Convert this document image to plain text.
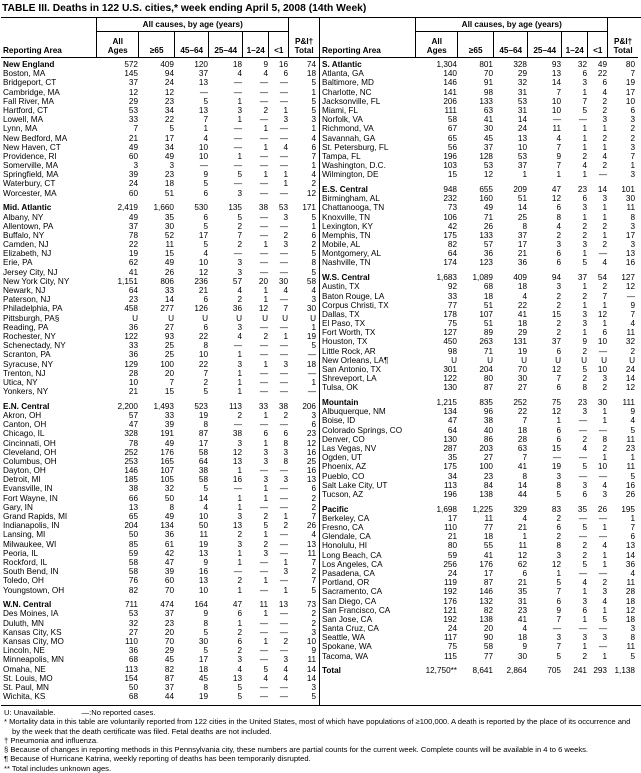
TABLE III. Deaths in 122 U.S. cities,* week ending April 5, 2008 (14th Week)
Reporting Area
All causes, by age (years)
All
Ages	≥65	45–64	25–44	1–24	<1
P&I†
Total
New England	572	409	120	18	9	16	74
Boston, MA	145	94	37	4	4	6	18
Bridgeport, CT	37	24	13	—	—	—	5
Cambridge, MA	12	12	—	—	—	—	1
Fall River, MA	29	23	5	1	—	—	5
Hartford, CT	53	34	13	3	2	1	5
Lowell, MA	33	22	7	1	—	3	3
Lynn, MA	7	5	1	—	1	—	1
New Bedford, MA	21	17	4	—	—	—	4
New Haven, CT	49	34	10	—	1	4	6
Providence, RI	60	49	10	1	—	—	7
Somerville, MA	3	3	—	—	—	—	1
Springfield, MA	39	23	9	5	1	1	4
Waterbury, CT	24	18	5	—	—	1	2
Worcester, MA	60	51	6	3	—	—	12
Mid. Atlantic	2,419	1,660	530	135	38	53	171
Albany, NY	49	35	6	5	—	3	5
Allentown, PA	37	30	5	2	—	—	1
Buffalo, NY	78	52	17	7	—	2	6
Camden, NJ	22	11	5	2	1	3	2
Elizabeth, NJ	19	15	4	—	—	—	5
Erie, PA	62	49	10	3	—	—	8
Jersey City, NJ	41	26	12	3	—	—	5
New York City, NY	1,151	806	236	57	20	30	58
Newark, NJ	64	33	21	4	1	4	4
Paterson, NJ	23	14	6	2	1	—	3
Philadelphia, PA	458	277	126	36	12	7	30
Pittsburgh, PA§	U	U	U	U	U	U	U
Reading, PA	36	27	6	3	—	—	1
Rochester, NY	122	93	22	4	2	1	19
Schenectady, NY	33	25	8	—	—	—	5
Scranton, PA	36	25	10	1	—	—	—
Syracuse, NY	129	100	22	3	1	3	18
Trenton, NJ	28	20	7	1	—	—	—
Utica, NY	10	7	2	1	—	—	1
Yonkers, NY	21	15	5	1	—	—	—
E.N. Central	2,200	1,493	523	113	33	38	206
Akron, OH	57	33	19	2	1	2	3
Canton, OH	47	39	8	—	—	—	6
Chicago, IL	328	191	87	38	6	6	23
Cincinnati, OH	78	49	17	3	1	8	12
Cleveland, OH	252	176	58	12	3	3	16
Columbus, OH	253	165	64	13	3	8	25
Dayton, OH	146	107	38	1	—	—	16
Detroit, MI	185	105	58	16	3	3	13
Evansville, IN	38	32	5	—	1	—	6
Fort Wayne, IN	66	50	14	1	1	—	2
Gary, IN	13	8	4	1	—	—	2
Grand Rapids, MI	65	49	10	3	2	1	7
Indianapolis, IN	204	134	50	13	5	2	26
Lansing, MI	50	36	11	2	1	—	4
Milwaukee, WI	85	61	19	3	2	—	13
Peoria, IL	59	42	13	1	3	—	11
Rockford, IL	58	47	9	1	—	1	7
South Bend, IN	58	39	16	—	—	3	2
Toledo, OH	76	60	13	2	1	—	7
Youngstown, OH	82	70	10	1	—	1	5
W.N. Central	711	474	164	47	11	13	73
Des Moines, IA	53	37	9	6	1	—	2
Duluth, MN	32	23	8	1	—	—	2
Kansas City, KS	27	20	5	2	—	—	3
Kansas City, MO	110	70	30	6	1	2	10
Lincoln, NE	36	29	5	2	—	—	9
Minneapolis, MN	68	45	17	3	—	3	11
Omaha, NE	113	82	18	4	5	4	14
St. Louis, MO	154	87	45	13	4	4	14
St. Paul, MN	50	37	8	5	—	—	3
Wichita, KS	68	44	19	5	—	—	5
Reporting Area
All causes, by age (years)
All
Ages	≥65	45–64	25–44	1–24	<1
P&I†
Total
S. Atlantic	1,304	801	328	93	32	49	80
Atlanta, GA	140	70	29	13	6	22	7
Baltimore, MD	146	91	32	14	3	6	19
Charlotte, NC	141	98	31	7	1	4	17
Jacksonville, FL	206	133	53	10	7	2	10
Miami, FL	111	63	31	10	5	2	6
Norfolk, VA	58	41	14	—	—	3	3
Richmond, VA	67	30	24	11	1	1	2
Savannah, GA	65	45	13	4	1	2	2
St. Petersburg, FL	56	37	10	7	1	1	3
Tampa, FL	196	128	53	9	2	4	7
Washington, D.C.	103	53	37	7	4	2	1
Wilmington, DE	15	12	1	1	1	—	3
E.S. Central	948	655	209	47	23	14	101
Birmingham, AL	232	160	51	12	6	3	30
Chattanooga, TN	73	49	14	6	3	1	11
Knoxville, TN	106	71	25	8	1	1	8
Lexington, KY	42	26	8	4	2	2	3
Memphis, TN	175	133	37	2	2	1	17
Mobile, AL	82	57	17	3	3	2	3
Montgomery, AL	64	36	21	6	1	—	13
Nashville, TN	174	123	36	6	5	4	16
W.S. Central	1,683	1,089	409	94	37	54	127
Austin, TX	92	68	18	3	1	2	12
Baton Rouge, LA	33	18	4	2	2	7	—
Corpus Christi, TX	77	51	22	2	1	1	9
Dallas, TX	178	107	41	15	3	12	7
El Paso, TX	75	51	18	2	3	1	4
Fort Worth, TX	127	89	29	2	1	6	11
Houston, TX	450	263	131	37	9	10	32
Little Rock, AR	98	71	19	6	2	—	2
New Orleans, LA¶	U	U	U	U	U	U	U
San Antonio, TX	301	204	70	12	5	10	24
Shreveport, LA	122	80	30	7	2	3	14
Tulsa, OK	130	87	27	6	8	2	12
Mountain	1,215	835	252	75	23	30	111
Albuquerque, NM	134	96	22	12	3	1	9
Boise, ID	47	38	7	1	—	1	4
Colorado Springs, CO	64	40	18	6	—	—	5
Denver, CO	130	86	28	6	2	8	11
Las Vegas, NV	287	203	63	15	4	2	23
Ogden, UT	35	27	7	—	—	1	1
Phoenix, AZ	175	100	41	19	5	10	11
Pueblo, CO	34	23	8	3	—	—	5
Salt Lake City, UT	113	84	14	8	3	4	16
Tucson, AZ	196	138	44	5	6	3	26
Pacific	1,698	1,225	329	83	35	26	195
Berkeley, CA	17	11	4	2	—	—	1
Fresno, CA	110	77	21	6	5	1	7
Glendale, CA	21	18	1	2	—	—	6
Honolulu, HI	80	55	11	8	2	4	13
Long Beach, CA	59	41	12	3	2	1	14
Los Angeles, CA	256	176	62	12	5	1	36
Pasadena, CA	24	17	6	1	—	—	4
Portland, OR	119	87	21	5	4	2	11
Sacramento, CA	192	146	35	7	1	3	28
San Diego, CA	176	132	31	6	3	4	18
San Francisco, CA	121	82	23	9	6	1	12
San Jose, CA	192	138	41	7	1	5	18
Santa Cruz, CA	24	20	4	—	—	—	3
Seattle, WA	117	90	18	3	3	3	8
Spokane, WA	75	58	9	7	1	—	11
Tacoma, WA	115	77	30	5	2	1	5
Total	12,750**	8,641	2,864	705	241 293 1,138
U: Unavailable.	—:No reported cases.
* Mortality data in this table are voluntarily reported from 122 cities in the United States, most of which have populations of ≥100,000. A death is reported by the place of its occurrence and by the week that the death certificate was filed. Fetal deaths are not included.
† Pneumonia and influenza.
§ Because of changes in reporting methods in this Pennsylvania city, these numbers are partial counts for the current week. Complete counts will be available in 4 to 6 weeks.
¶ Because of Hurricane Katrina, weekly reporting of deaths has been temporarily disrupted.
** Total includes unknown ages.
